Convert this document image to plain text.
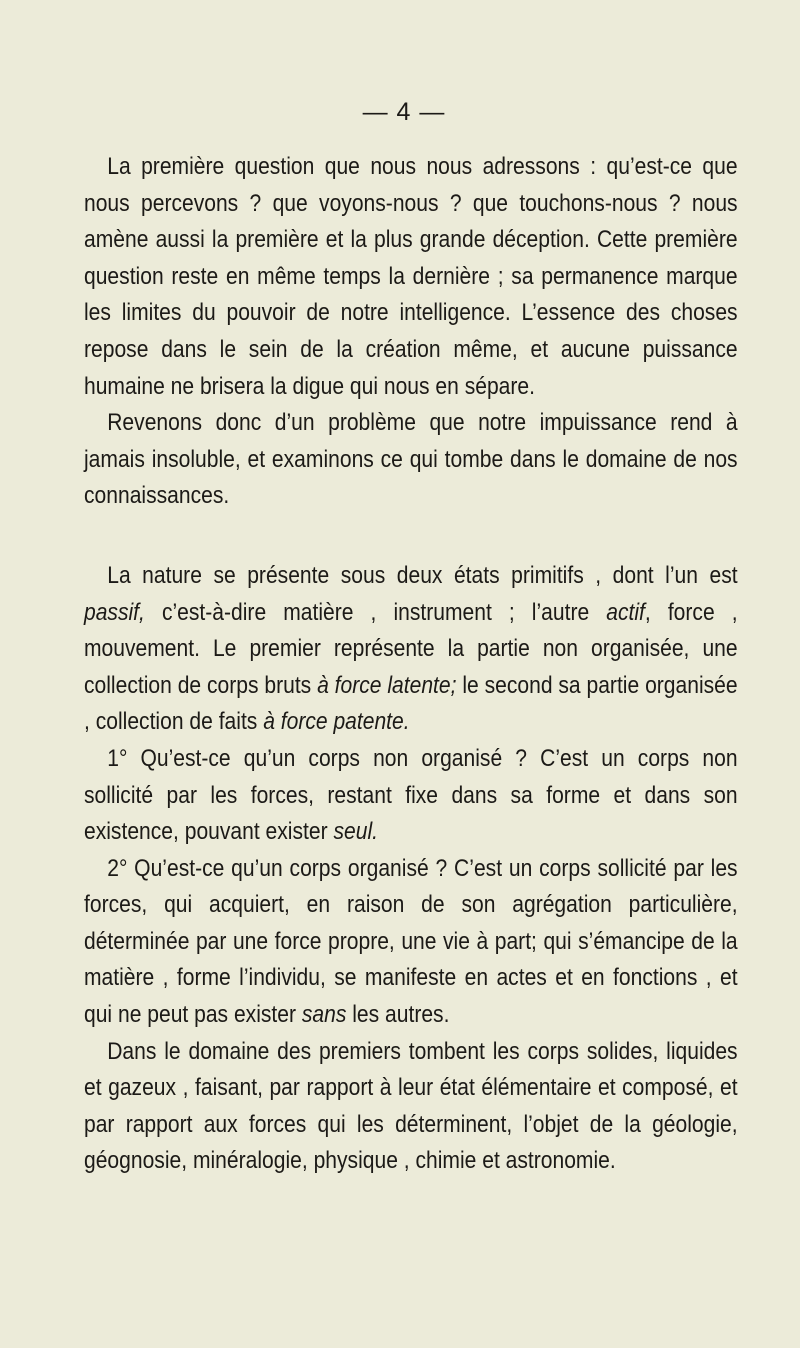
— 4 —

La première question que nous nous adressons : qu’est-ce que nous percevons ? que voyons-nous ? que touchons-nous ? nous amène aussi la première et la plus grande déception. Cette première question reste en même temps la dernière ; sa permanence marque les limites du pouvoir de notre intelligence. L’essence des choses repose dans le sein de la création même, et aucune puissance humaine ne brisera la digue qui nous en sépare.

Revenons donc d’un problème que notre impuissance rend à jamais insoluble, et examinons ce qui tombe dans le domaine de nos connaissances.

La nature se présente sous deux états primitifs , dont l’un est passif, c’est-à-dire matière , instrument ; l’autre actif, force , mouvement. Le premier représente la partie non organisée, une collection de corps bruts à force latente; le second sa partie organisée , collection de faits à force patente.

1° Qu’est-ce qu’un corps non organisé ? C’est un corps non sollicité par les forces, restant fixe dans sa forme et dans son existence, pouvant exister seul.

2° Qu’est-ce qu’un corps organisé ? C’est un corps sollicité par les forces, qui acquiert, en raison de son agrégation particulière, déterminée par une force propre, une vie à part; qui s’émancipe de la matière , forme l’individu, se manifeste en actes et en fonctions , et qui ne peut pas exister sans les autres.

Dans le domaine des premiers tombent les corps solides, liquides et gazeux , faisant, par rapport à leur état élémentaire et composé, et par rapport aux forces qui les déterminent, l’objet de la géologie, géognosie, minéralogie, physique , chimie et astronomie.
